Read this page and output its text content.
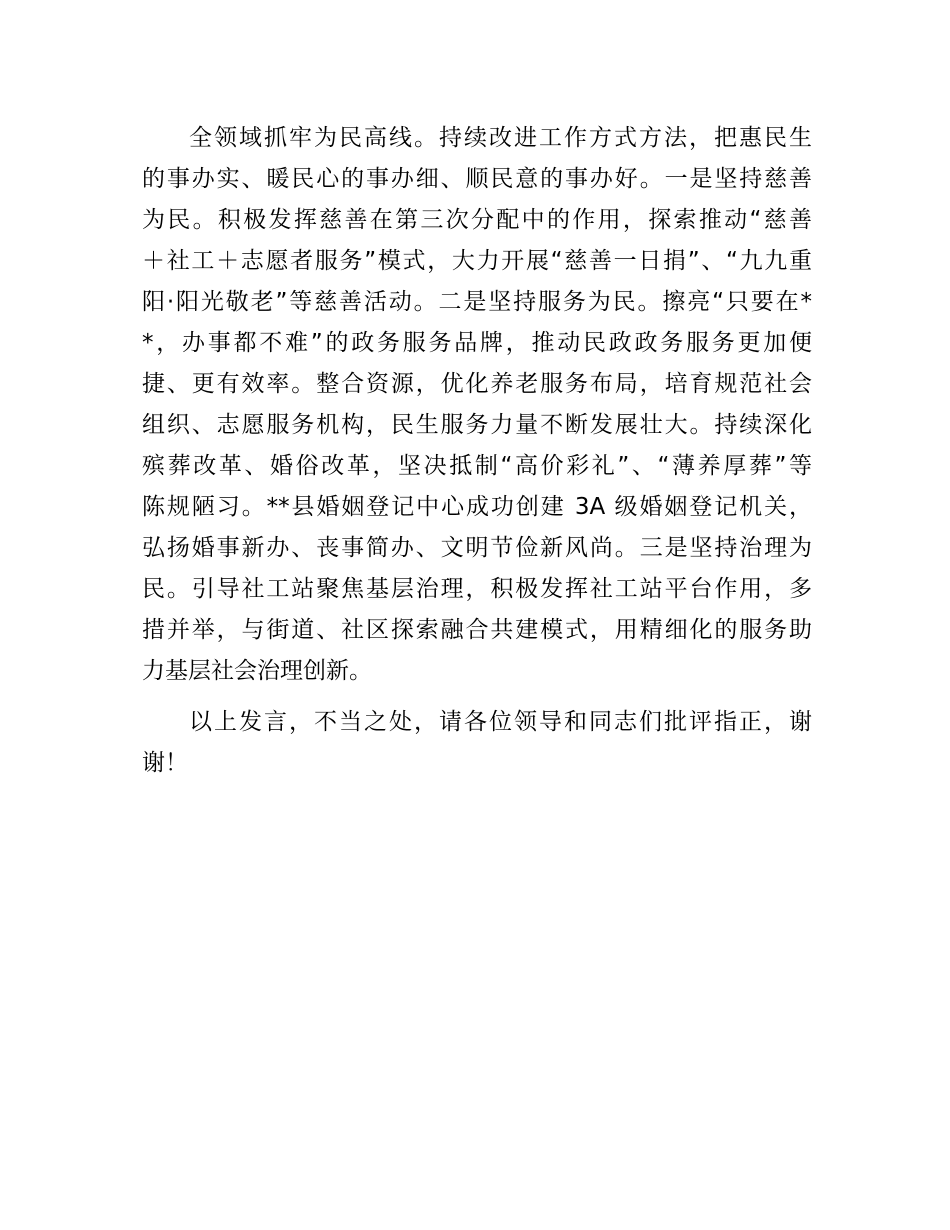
全领域抓牢为民高线。持续改进工作方式方法，把惠民生
的事办实、暖民心的事办细、顺民意的事办好。一是坚持慈善
为民。积极发挥慈善在第三次分配中的作用，探索推动“慈善
＋社工＋志愿者服务”模式，大力开展“慈善一日捐”、“九九重
阳·阳光敬老”等慈善活动。二是坚持服务为民。擦亮“只要在*
*，办事都不难”的政务服务品牌，推动民政政务服务更加便
捷、更有效率。整合资源，优化养老服务布局，培育规范社会
组织、志愿服务机构，民生服务力量不断发展壮大。持续深化
殡葬改革、婚俗改革，坚决抵制“高价彩礼”、“薄养厚葬”等
陈规陋习。**县婚姻登记中心成功创建 3A 级婚姻登记机关，
弘扬婚事新办、丧事简办、文明节俭新风尚。三是坚持治理为
民。引导社工站聚焦基层治理，积极发挥社工站平台作用，多
措并举，与街道、社区探索融合共建模式，用精细化的服务助
力基层社会治理创新。
以上发言，不当之处，请各位领导和同志们批评指正，谢
谢！
